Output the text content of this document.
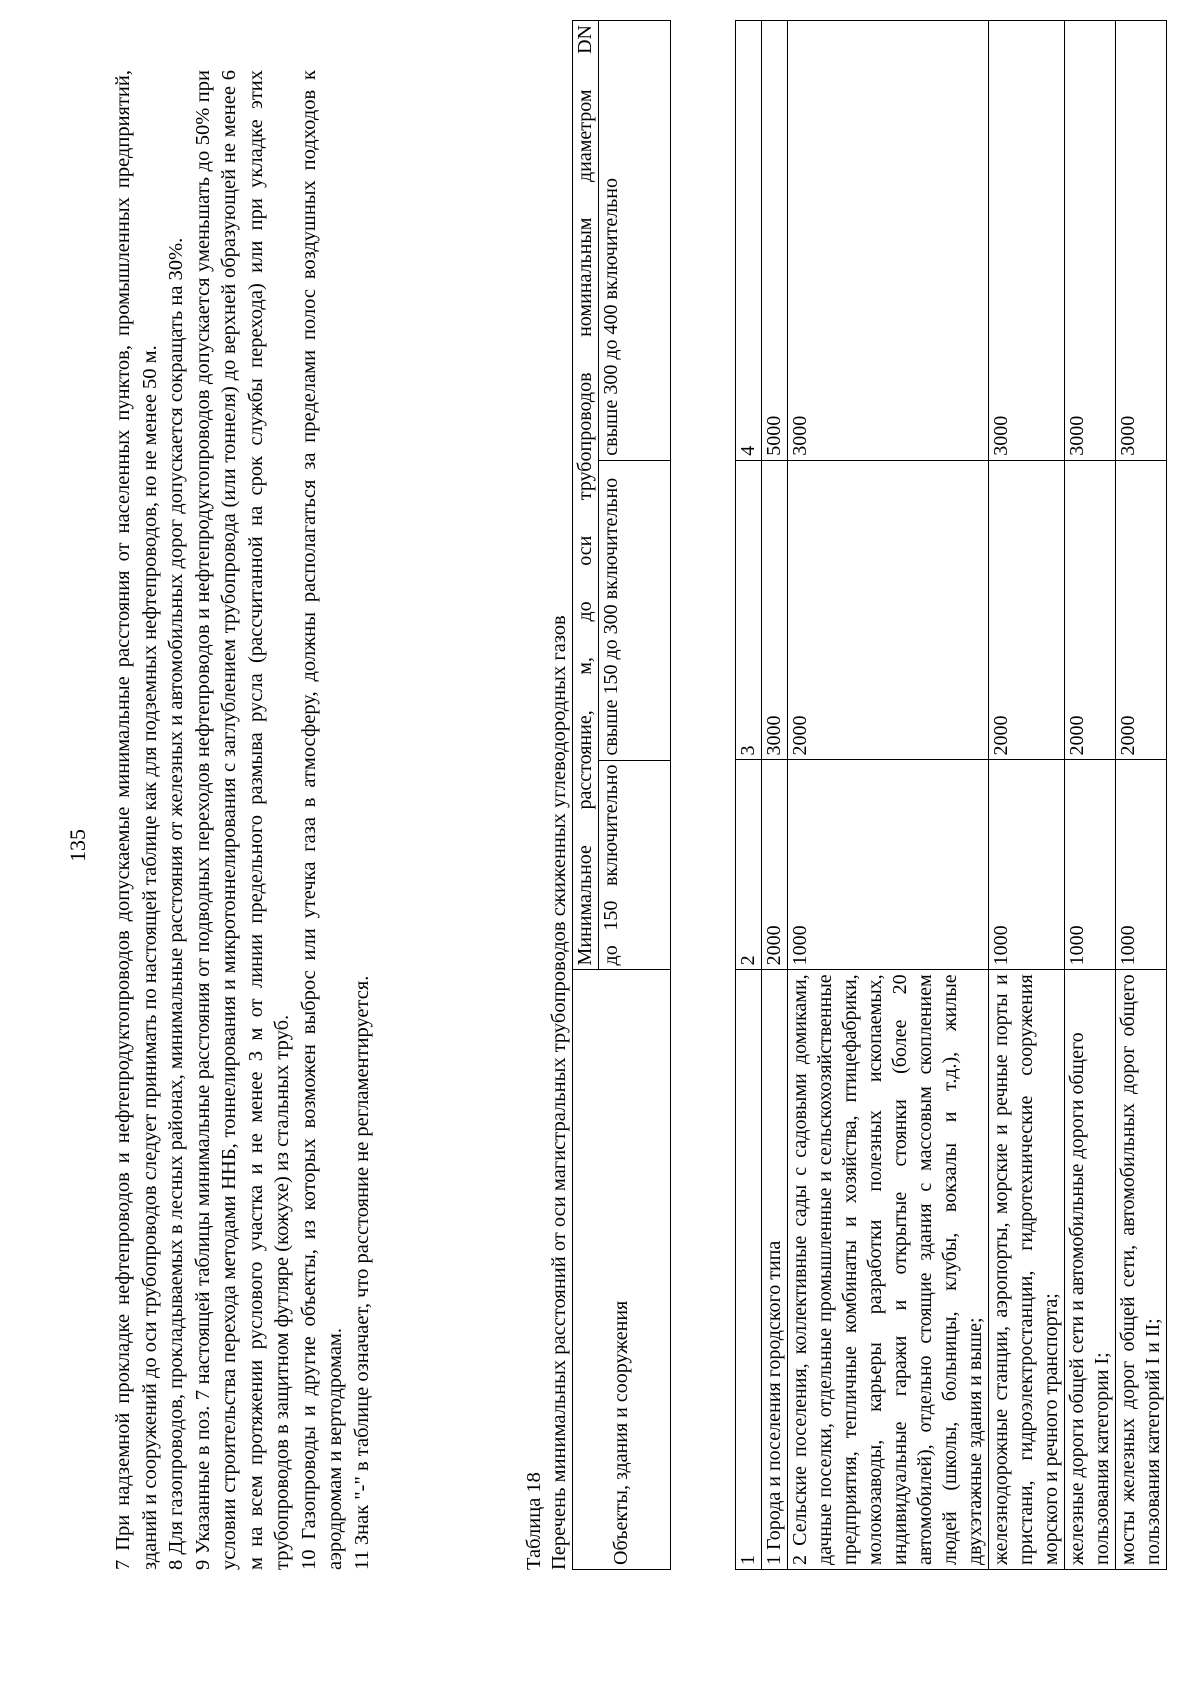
135 7 При надземной прокладке нефтепроводов и нефтепродуктопроводов допускаемые минимальные расстояния от населенных пунктов, промышленных предприятий, зданий и сооружений до оси трубопроводов следует принимать по настоящей таблице как для подземных нефтепроводов, но не менее 50 м. 8 Для газопроводов, прокладываемых в лесных районах, минимальные расстояния от железных и автомобильных дорог допускается сокращать на 30%. 9 Указанные в поз. 7 настоящей таблицы минимальные расстояния от подводных переходов нефтепроводов и нефтепродуктопроводов допускается уменьшать до 50% при условии строительства перехода методами ННБ, тоннелирования и микротоннелирования с заглублением трубопровода (или тоннеля) до верхней образующей не менее 6 м на всем протяжении руслового участка и не менее 3 м от линии предельного размыва русла (рассчитанной на срок службы перехода) или при укладке этих трубопроводов в защитном футляре (кожухе) из стальных труб. 10 Газопроводы и другие объекты, из которых возможен выброс или утечка газа в атмосферу, должны располагаться за пределами полос воздушных подходов к аэродромам и вертодромам. 11 Знак "-" в таблице означает, что расстояние не регламентируется.	Таблица 18 Перечень минимальных расстояний от оси магистральных трубопроводов сжиженных углеводородных газов Объекты, здания и сооружения	Минимальное расстояние, м, до оси трубопроводов номинальным диаметром DN		
	до 150 включительно	свыше 150 до 300 включительно	свыше 300 до 400 включительно
1	2	3	4
1 Города и поселения городского типа	2000	3000	5000
2 Сельские поселения, коллективные сады с садовыми домиками, дачные поселки, отдельные промышленные и сельскохозяйственные предприятия, тепличные комбинаты и хозяйства, птицефабрики, молокозаводы, карьеры разработки полезных ископаемых, индивидуальные гаражи и открытые стоянки (более 20 автомобилей), отдельно стоящие здания с массовым скоплением людей (школы, больницы, клубы, вокзалы и т.д.), жилые двухэтажные здания и выше;	1000	2000	3000
железнодорожные станции, аэропорты, морские и речные порты и пристани, гидроэлектростанции, гидротехнические сооружения морского и речного транспорта;	1000	2000	3000
железные дороги общей сети и автомобильные дороги общего пользования категории I;	1000	2000	3000
мосты железных дорог общей сети, автомобильных дорог общего пользования категорий I и II;	1000	2000	3000
